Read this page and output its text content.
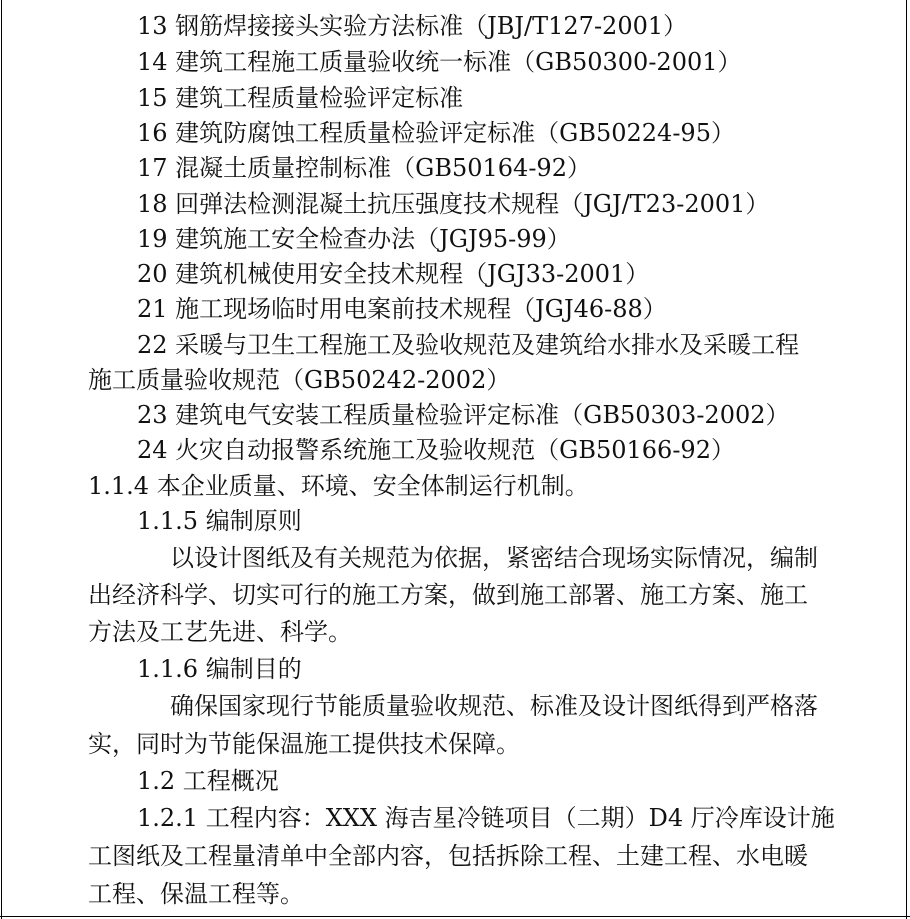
13 钢筋焊接接头实验方法标准（JBJ/T127-2001）
14 建筑工程施工质量验收统一标准（GB50300-2001）
15 建筑工程质量检验评定标准
16 建筑防腐蚀工程质量检验评定标准（GB50224-95）
17 混凝土质量控制标准（GB50164-92）
18 回弹法检测混凝土抗压强度技术规程（JGJ/T23-2001）
19 建筑施工安全检查办法（JGJ95-99）
20 建筑机械使用安全技术规程（JGJ33-2001）
21 施工现场临时用电案前技术规程（JGJ46-88）
22 采暖与卫生工程施工及验收规范及建筑给水排水及采暖工程
施工质量验收规范（GB50242-2002）
23 建筑电气安装工程质量检验评定标准（GB50303-2002）
24 火灾自动报警系统施工及验收规范（GB50166-92）
1.1.4 本企业质量、环境、安全体制运行机制。
1.1.5 编制原则
以设计图纸及有关规范为依据，紧密结合现场实际情况，编制
出经济科学、切实可行的施工方案，做到施工部署、施工方案、施工
方法及工艺先进、科学。
1.1.6 编制目的
确保国家现行节能质量验收规范、标准及设计图纸得到严格落
实，同时为节能保温施工提供技术保障。
1.2 工程概况
1.2.1 工程内容：XXX 海吉星冷链项目（二期）D4 厅冷库设计施
工图纸及工程量清单中全部内容，包括拆除工程、土建工程、水电暖
工程、保温工程等。
